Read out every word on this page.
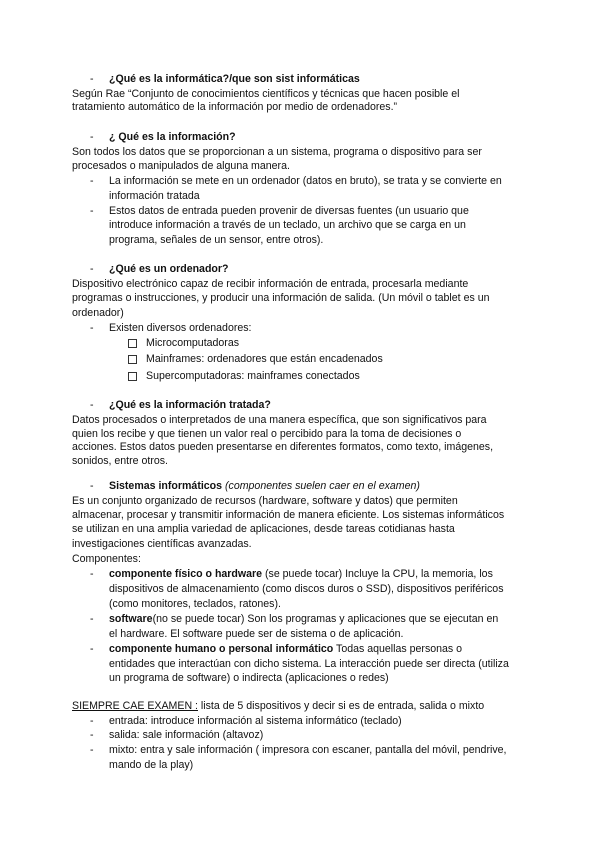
- ¿Qué es la informática?/que son sist informáticas
Según Rae “Conjunto de conocimientos científicos y técnicas que hacen posible el
tratamiento automático de la información por medio de ordenadores.”
- ¿ Qué es la información?
Son todos los datos que se proporcionan a un sistema, programa o dispositivo para ser
procesados o manipulados de alguna manera.
- La información se mete en un ordenador (datos en bruto), se trata y se convierte en
información tratada
- Estos datos de entrada pueden provenir de diversas fuentes (un usuario que
introduce información a través de un teclado, un archivo que se carga en un
programa, señales de un sensor, entre otros).
- ¿Qué es un ordenador?
Dispositivo electrónico capaz de recibir información de entrada, procesarla mediante
programas o instrucciones, y producir una información de salida. (Un móvil o tablet es un
ordenador)
- Existen diversos ordenadores:
Microcomputadoras
Mainframes: ordenadores que están encadenados
Supercomputadoras: mainframes conectados
- ¿Qué es la información tratada?
Datos procesados o interpretados de una manera específica, que son significativos para
quien los recibe y que tienen un valor real o percibido para la toma de decisiones o
acciones. Estos datos pueden presentarse en diferentes formatos, como texto, imágenes,
sonidos, entre otros.
- Sistemas informáticos (componentes suelen caer en el examen)
Es un conjunto organizado de recursos (hardware, software y datos) que permiten
almacenar, procesar y transmitir información de manera eficiente. Los sistemas informáticos
se utilizan en una amplia variedad de aplicaciones, desde tareas cotidianas hasta
investigaciones científicas avanzadas.
Componentes:
- componente físico o hardware (se puede tocar) Incluye la CPU, la memoria, los
dispositivos de almacenamiento (como discos duros o SSD), dispositivos periféricos
(como monitores, teclados, ratones).
- software(no se puede tocar) Son los programas y aplicaciones que se ejecutan en
el hardware. El software puede ser de sistema o de aplicación.
- componente humano o personal informático Todas aquellas personas o
entidades que interactúan con dicho sistema. La interacción puede ser directa (utiliza
un programa de software) o indirecta (aplicaciones o redes)
SIEMPRE CAE EXAMEN : lista de 5 dispositivos y decir si es de entrada, salida o mixto
- entrada: introduce información al sistema informático (teclado)
- salida: sale información (altavoz)
- mixto: entra y sale información ( impresora con escaner, pantalla del móvil, pendrive,
mando de la play)
